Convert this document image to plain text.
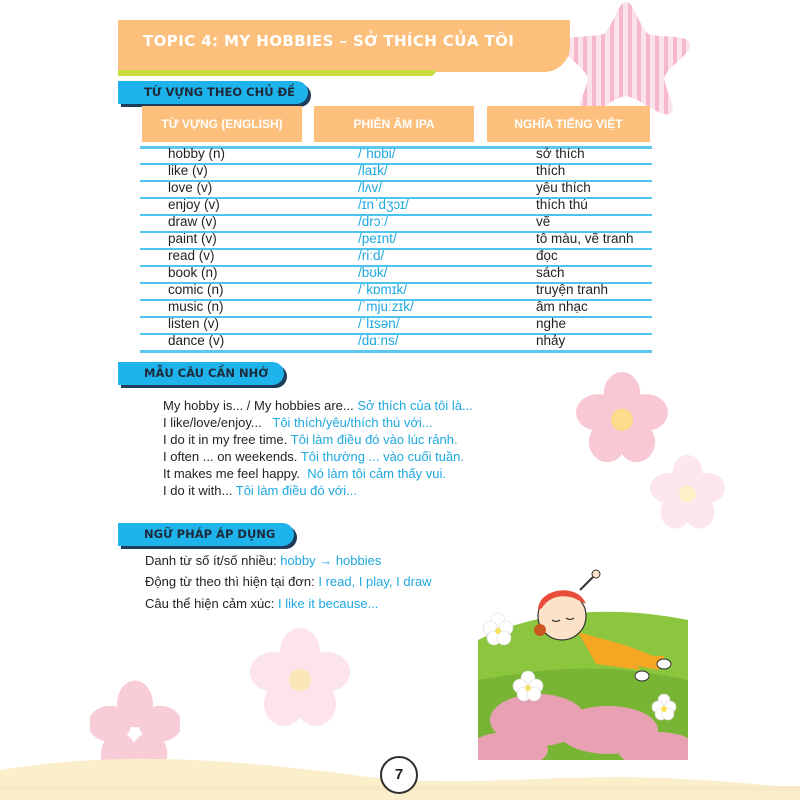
TOPIC 4: MY HOBBIES – SỞ THÍCH CỦA TÔI
TỪ VỰNG THEO CHỦ ĐỀ
TỪ VỰNG (ENGLISH)	PHIÊN ÂM IPA	NGHĨA TIẾNG VIỆT
hobby (n)	/ˈhɒbi/	sở thích
like (v)	/laɪk/	thích
love (v)	/lʌv/	yêu thích
enjoy (v)	/ɪnˈdʒɔɪ/	thích thú
draw (v)	/drɔː/	vẽ
paint (v)	/peɪnt/	tô màu, vẽ tranh
read (v)	/riːd/	đọc
book (n)	/bʊk/	sách
comic (n)	/ˈkɒmɪk/	truyện tranh
music (n)	/ˈmjuːzɪk/	âm nhạc
listen (v)	/ˈlɪsən/	nghe
dance (v)	/dɑːns/	nhảy
MẪU CÂU CẦN NHỚ
My hobby is... / My hobbies are... Sở thích của tôi là...
I like/love/enjoy... Tôi thích/yêu/thích thú với...
I do it in my free time. Tôi làm điều đó vào lúc rảnh.
I often ... on weekends. Tôi thường ... vào cuối tuần.
It makes me feel happy. Nó làm tôi cảm thấy vui.
I do it with... Tôi làm điều đó với...
NGỮ PHÁP ÁP DỤNG
Danh từ số ít/số nhiều: hobby → hobbies
Động từ theo thì hiện tại đơn: I read, I play, I draw
Câu thể hiện cảm xúc: I like it because...
7
